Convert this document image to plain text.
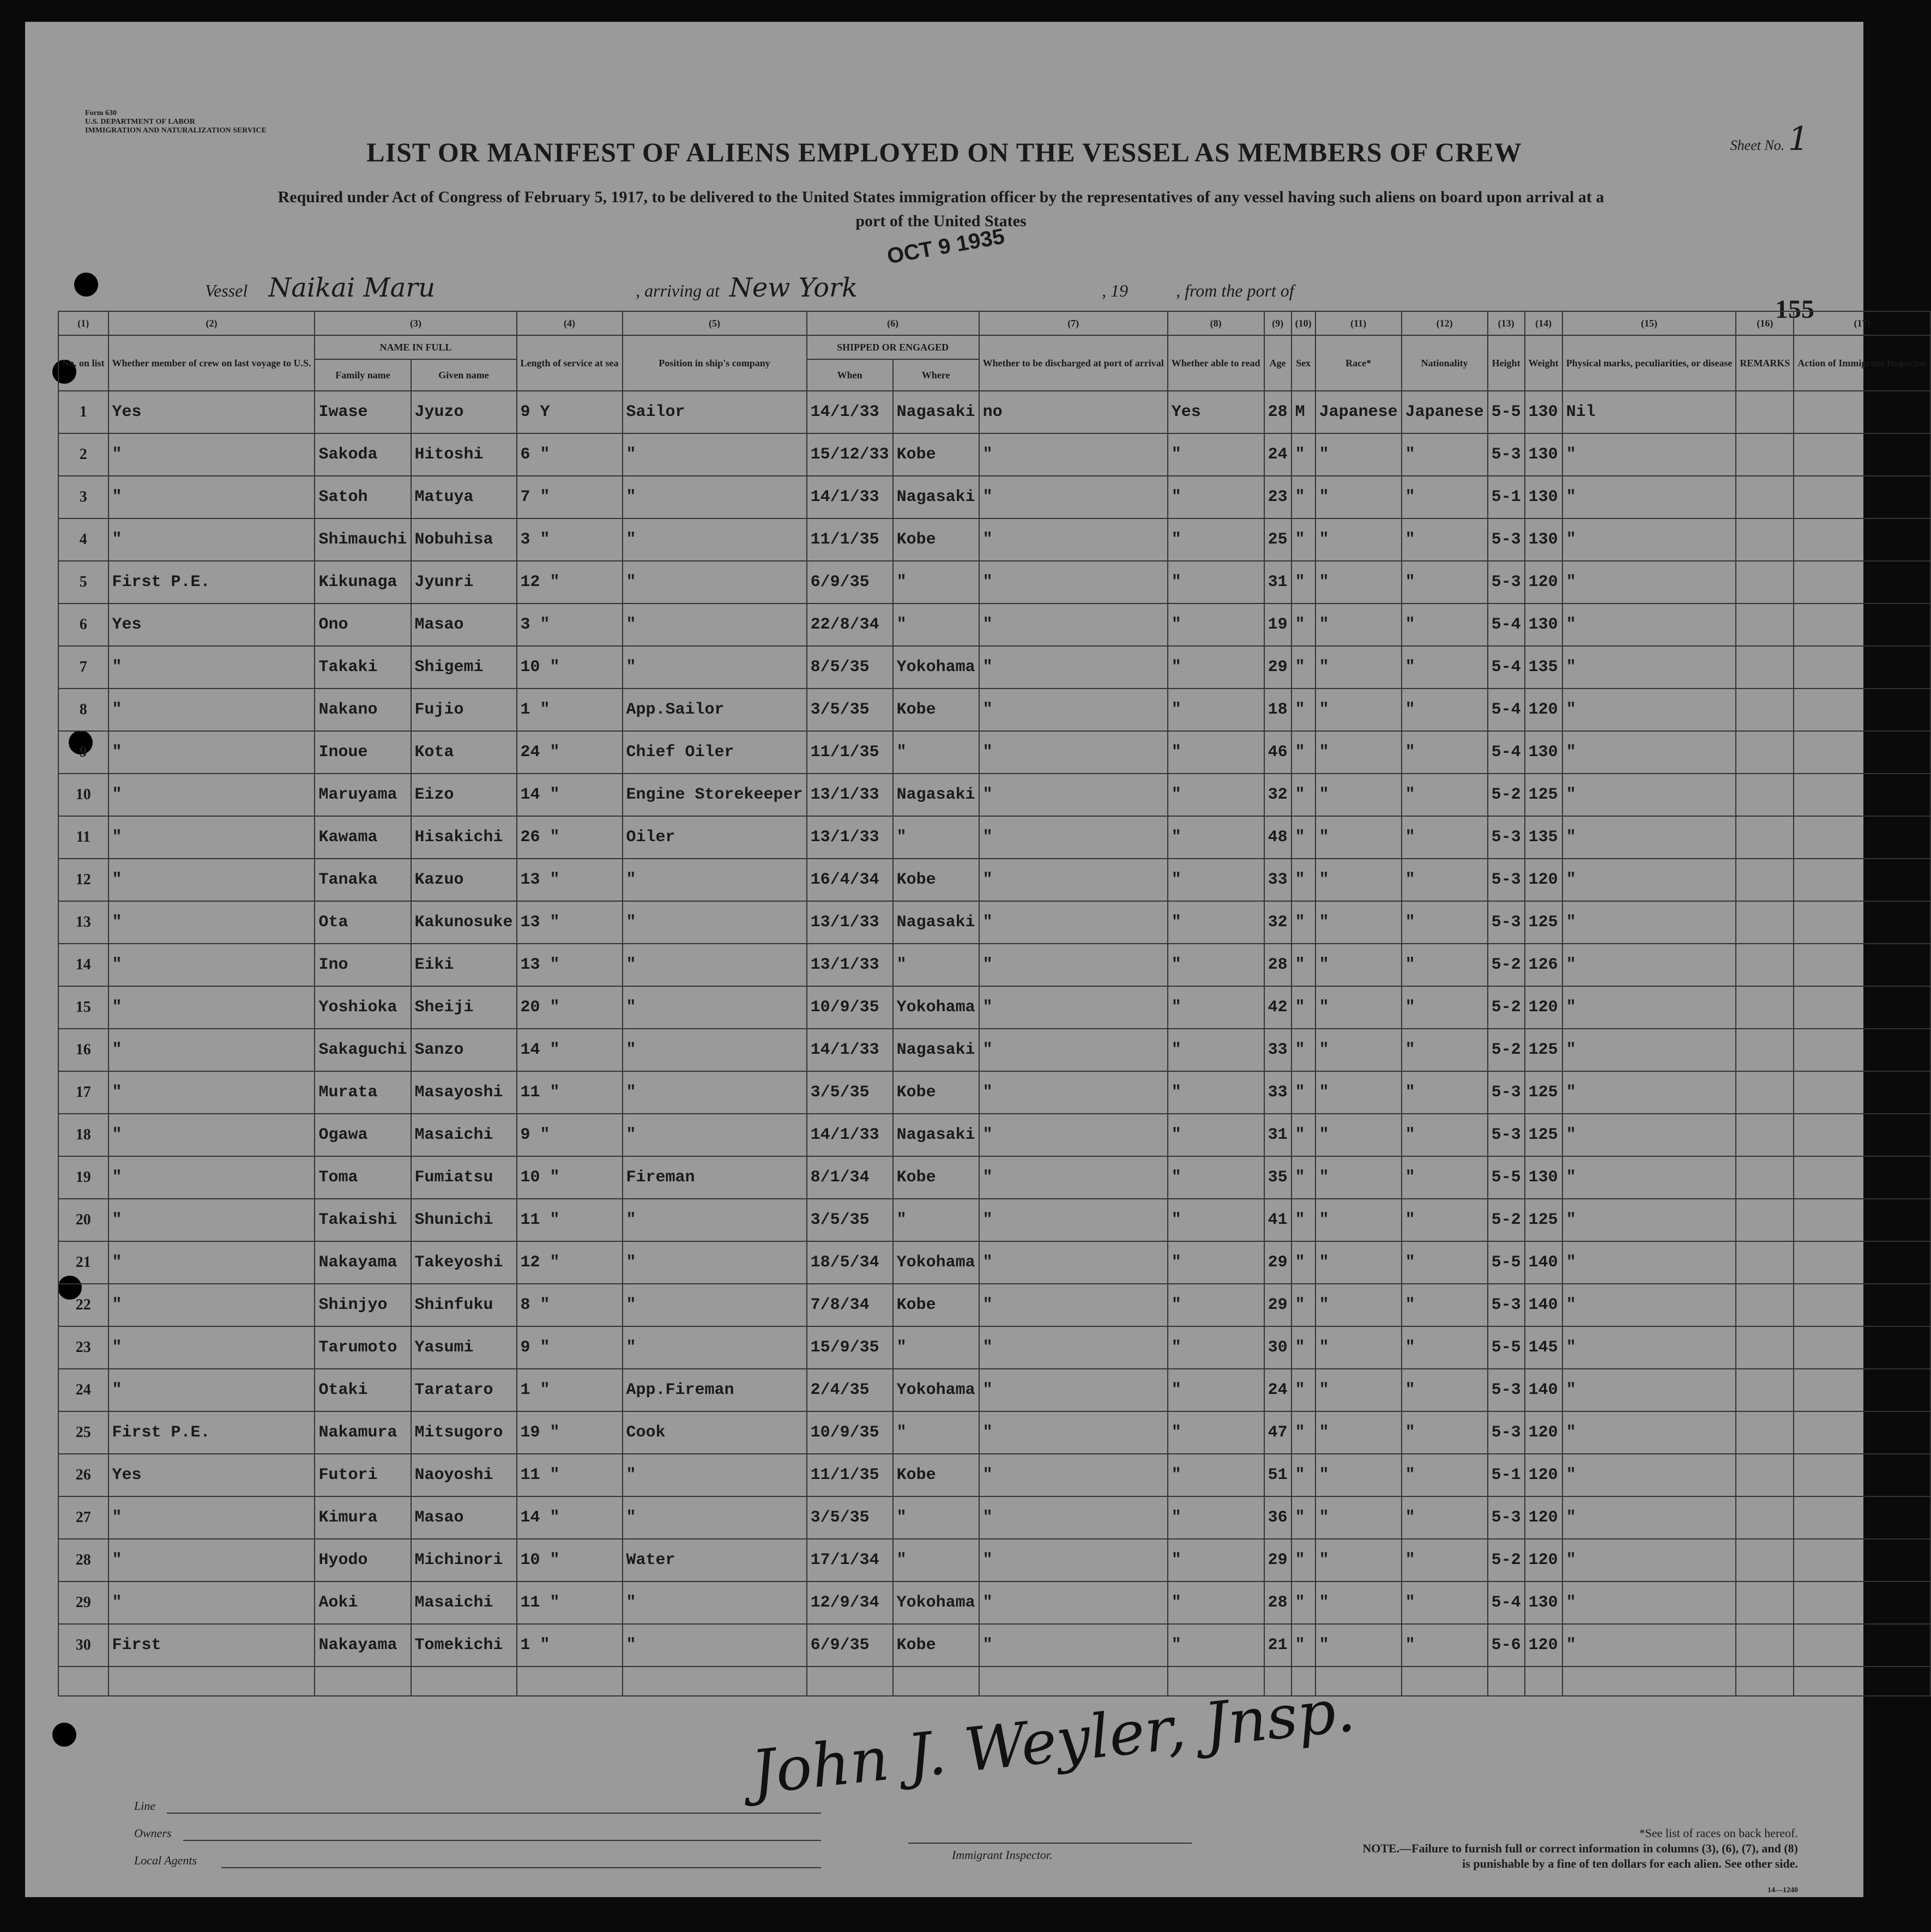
Form 630
U.S. DEPARTMENT OF LABOR
IMMIGRATION AND NATURALIZATION SERVICE
Sheet No. 1
LIST OR MANIFEST OF ALIENS EMPLOYED ON THE VESSEL AS MEMBERS OF CREW
Required under Act of Congress of February 5, 1917, to be delivered to the United States immigration officer by the representatives of any vessel having such aliens on board upon arrival at a
port of the United States
Vessel Naikai Maru	, arriving at New York	, 19	, from the port of
OCT 9 1935
155
(1)	(2)	(3)		(4)	(5)	(6)		(7)	(8)	(9)	(10)	(11)	(12)	(13)	(14)	(15)	(16)	(17)
No. on list	Whether member of crew on last voyage to U.S.	NAME IN FULL		Length of service at sea	Position in ship's company	SHIPPED OR ENGAGED		Whether to be discharged at port of arrival	Whether able to read	Age	Sex	Race*	Nationality	Height	Weight	Physical marks, peculiarities, or disease	REMARKS	Action of Immigrant Inspector
		Family name	Given name			When	Where											
1	Yes	Iwase	Jyuzo	9 Y	Sailor	14/1/33	Nagasaki	no	Yes	28	M	Japanese	Japanese	5-5	130	Nil		
2	"	Sakoda	Hitoshi	6 "	"	15/12/33	Kobe	"	"	24	"	"	"	5-3	130	"		
3	"	Satoh	Matuya	7 "	"	14/1/33	Nagasaki	"	"	23	"	"	"	5-1	130	"		
4	"	Shimauchi	Nobuhisa	3 "	"	11/1/35	Kobe	"	"	25	"	"	"	5-3	130	"		
5	First P.E.	Kikunaga	Jyunri	12 "	"	6/9/35	"	"	"	31	"	"	"	5-3	120	"		
6	Yes	Ono	Masao	3 "	"	22/8/34	"	"	"	19	"	"	"	5-4	130	"		
7	"	Takaki	Shigemi	10 "	"	8/5/35	Yokohama	"	"	29	"	"	"	5-4	135	"		
8	"	Nakano	Fujio	1 "	App.Sailor	3/5/35	Kobe	"	"	18	"	"	"	5-4	120	"		
9	"	Inoue	Kota	24 "	Chief Oiler	11/1/35	"	"	"	46	"	"	"	5-4	130	"		
10	"	Maruyama	Eizo	14 "	Engine Storekeeper	13/1/33	Nagasaki	"	"	32	"	"	"	5-2	125	"		
11	"	Kawama	Hisakichi	26 "	Oiler	13/1/33	"	"	"	48	"	"	"	5-3	135	"		
12	"	Tanaka	Kazuo	13 "	"	16/4/34	Kobe	"	"	33	"	"	"	5-3	120	"		
13	"	Ota	Kakunosuke	13 "	"	13/1/33	Nagasaki	"	"	32	"	"	"	5-3	125	"		
14	"	Ino	Eiki	13 "	"	13/1/33	"	"	"	28	"	"	"	5-2	126	"		
15	"	Yoshioka	Sheiji	20 "	"	10/9/35	Yokohama	"	"	42	"	"	"	5-2	120	"		
16	"	Sakaguchi	Sanzo	14 "	"	14/1/33	Nagasaki	"	"	33	"	"	"	5-2	125	"		
17	"	Murata	Masayoshi	11 "	"	3/5/35	Kobe	"	"	33	"	"	"	5-3	125	"		
18	"	Ogawa	Masaichi	9 "	"	14/1/33	Nagasaki	"	"	31	"	"	"	5-3	125	"		
19	"	Toma	Fumiatsu	10 "	Fireman	8/1/34	Kobe	"	"	35	"	"	"	5-5	130	"		
20	"	Takaishi	Shunichi	11 "	"	3/5/35	"	"	"	41	"	"	"	5-2	125	"		
21	"	Nakayama	Takeyoshi	12 "	"	18/5/34	Yokohama	"	"	29	"	"	"	5-5	140	"		
22	"	Shinjyo	Shinfuku	8 "	"	7/8/34	Kobe	"	"	29	"	"	"	5-3	140	"		
23	"	Tarumoto	Yasumi	9 "	"	15/9/35	"	"	"	30	"	"	"	5-5	145	"		
24	"	Otaki	Tarataro	1 "	App.Fireman	2/4/35	Yokohama	"	"	24	"	"	"	5-3	140	"		
25	First P.E.	Nakamura	Mitsugoro	19 "	Cook	10/9/35	"	"	"	47	"	"	"	5-3	120	"		
26	Yes	Futori	Naoyoshi	11 "	"	11/1/35	Kobe	"	"	51	"	"	"	5-1	120	"		
27	"	Kimura	Masao	14 "	"	3/5/35	"	"	"	36	"	"	"	5-3	120	"		
28	"	Hyodo	Michinori	10 "	Water	17/1/34	"	"	"	29	"	"	"	5-2	120	"		
29	"	Aoki	Masaichi	11 "	"	12/9/34	Yokohama	"	"	28	"	"	"	5-4	130	"		
30	First	Nakayama	Tomekichi	1 "	"	6/9/35	Kobe	"	"	21	"	"	"	5-6	120	"		

John J. Weyler, Jnsp.
Line
Owners
Local Agents	Immigrant Inspector.
*See list of races on back hereof.
NOTE.—Failure to furnish full or correct information in columns (3), (6), (7), and (8)
is punishable by a fine of ten dollars for each alien. See other side.
14—1240
